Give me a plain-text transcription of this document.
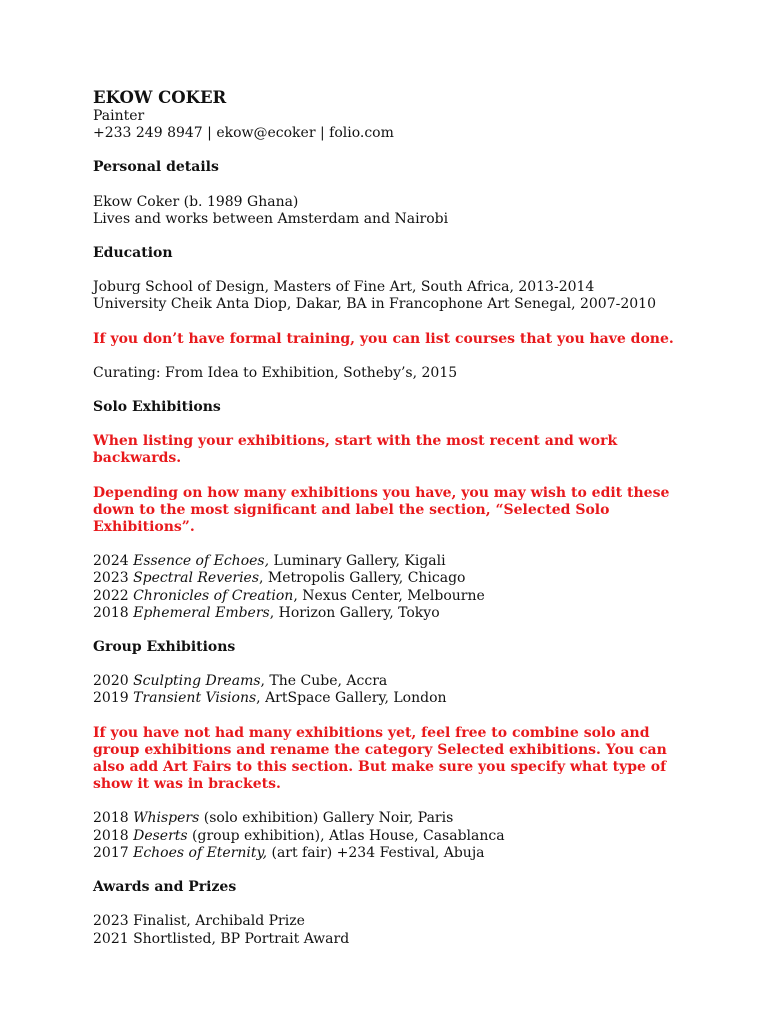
EKOW COKER
Painter
+233 249 8947 | ekow@ecoker | folio.com
Personal details
Ekow Coker (b. 1989 Ghana)
Lives and works between Amsterdam and Nairobi
Education
Joburg School of Design, Masters of Fine Art, South Africa, 2013-2014
University Cheik Anta Diop, Dakar, BA in Francophone Art Senegal, 2007-2010
If you don’t have formal training, you can list courses that you have done.
Curating: From Idea to Exhibition, Sotheby’s, 2015
Solo Exhibitions
When listing your exhibitions, start with the most recent and work backwards.
Depending on how many exhibitions you have, you may wish to edit these down to the most significant and label the section, “Selected Solo Exhibitions”.
2024 Essence of Echoes, Luminary Gallery, Kigali
2023 Spectral Reveries, Metropolis Gallery, Chicago
2022 Chronicles of Creation, Nexus Center, Melbourne
2018 Ephemeral Embers, Horizon Gallery, Tokyo
Group Exhibitions
2020 Sculpting Dreams, The Cube, Accra
2019 Transient Visions, ArtSpace Gallery, London
If you have not had many exhibitions yet, feel free to combine solo and group exhibitions and rename the category Selected exhibitions. You can also add Art Fairs to this section. But make sure you specify what type of show it was in brackets.
2018 Whispers (solo exhibition) Gallery Noir, Paris
2018 Deserts (group exhibition), Atlas House, Casablanca
2017 Echoes of Eternity, (art fair) +234 Festival, Abuja
Awards and Prizes
2023 Finalist, Archibald Prize
2021 Shortlisted, BP Portrait Award
